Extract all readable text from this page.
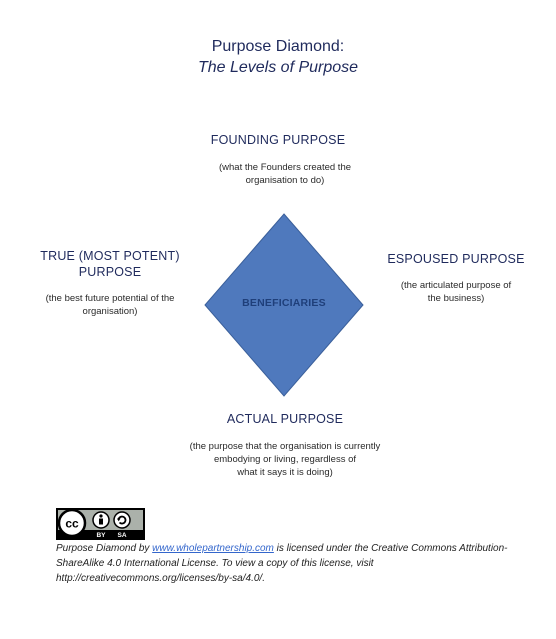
Purpose Diamond:
The Levels of Purpose
FOUNDING PURPOSE
(what the Founders created the
organisation to do)
TRUE (MOST POTENT)
PURPOSE
(the best future potential of the
organisation)
ESPOUSED PURPOSE
(the articulated purpose of
the business)
BENEFICIARIES
ACTUAL PURPOSE
(the purpose that the organisation is currently
embodying or living, regardless of
what it says it is doing)
cc
BY SA
Purpose Diamond by www.wholepartnership.com is licensed under the Creative Commons Attribution-ShareAlike 4.0 International License. To view a copy of this license, visit http://creativecommons.org/licenses/by-sa/4.0/.
